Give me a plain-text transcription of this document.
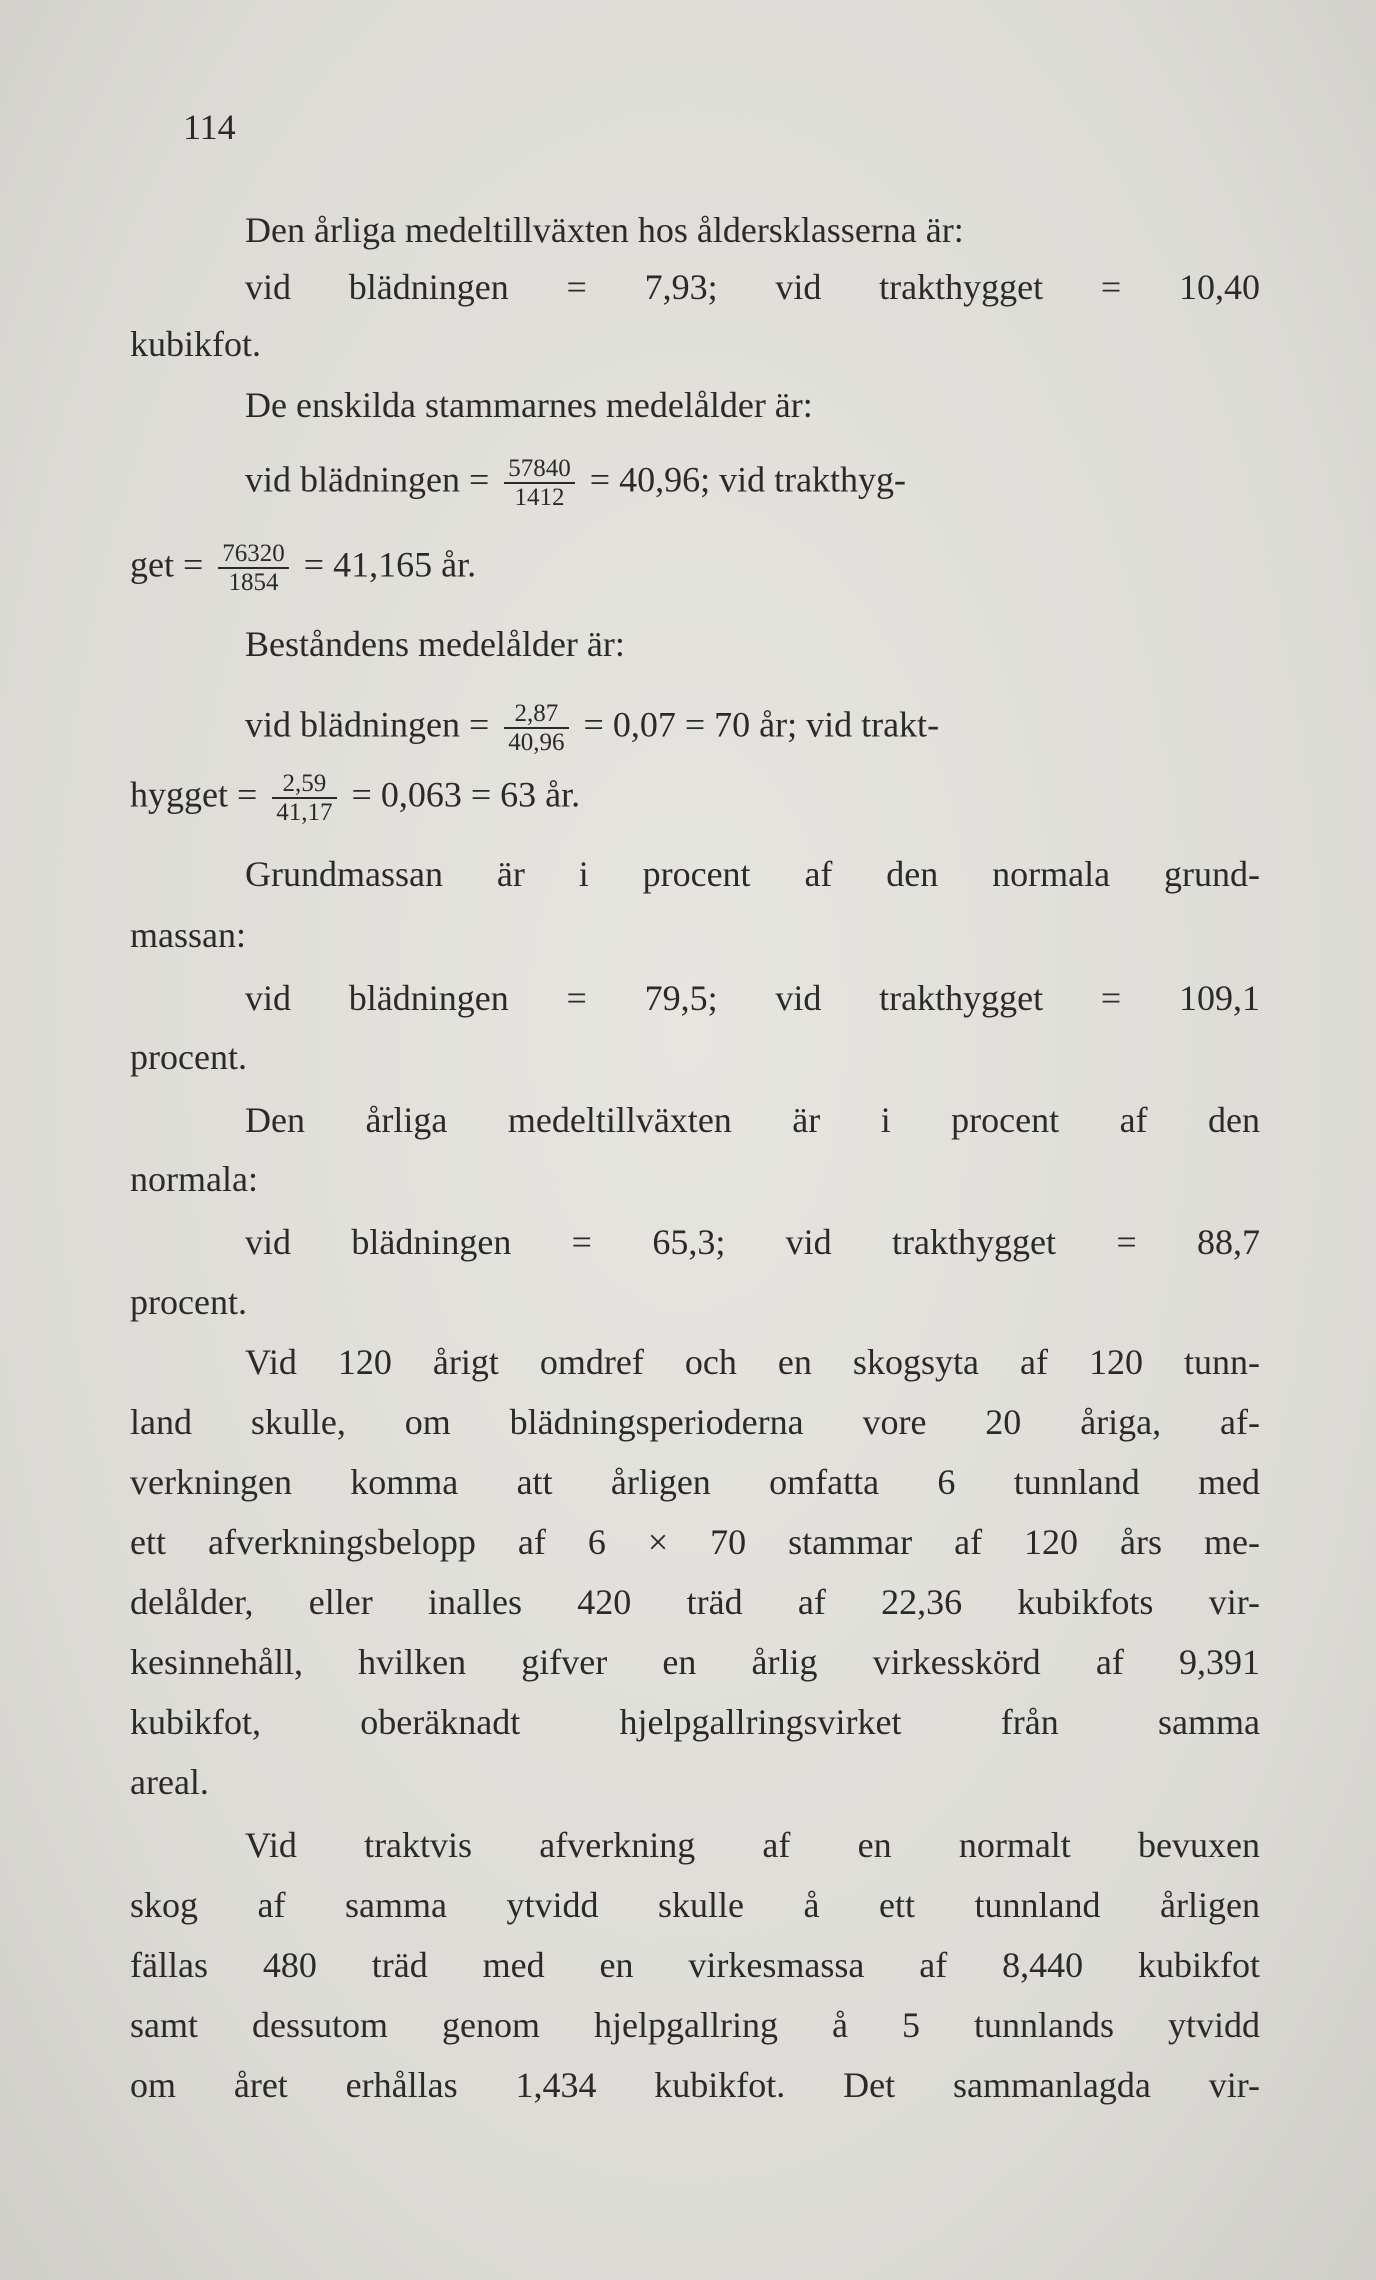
114
Den årliga medeltillväxten hos åldersklasserna är:
vid blädningen = 7,93; vid trakthygget = 10,40
kubikfot.
De enskilda stammarnes medelålder är:
vid blädningen = $\frac{57840}{1412} = 40,96$; vid trakthyg-
get = $\frac{76320}{1854} = 41,165$ år.
Beståndens medelålder är:
vid blädningen = $\frac{2,87}{40,96} = 0,07 = 70$ år; vid trakt-
hygget = $\frac{2,59}{41,17} = 0,063 = 63$ år.
Grundmassan är i procent af den normala grund-
massan:
vid blädningen = 79,5; vid trakthygget = 109,1
procent.
Den årliga medeltillväxten är i procent af den
normala:
vid blädningen = 65,3; vid trakthygget = 88,7
procent.
Vid 120 årigt omdref och en skogsyta af 120 tunn-
land skulle, om blädningsperioderna vore 20 åriga, af-
verkningen komma att årligen omfatta 6 tunnland med
ett afverkningsbelopp af 6 × 70 stammar af 120 års me-
delålder, eller inalles 420 träd af 22,36 kubikfots vir-
kesinnehåll, hvilken gifver en årlig virkesskörd af 9,391
kubikfot, oberäknadt hjelpgallringsvirket från samma
areal.
Vid traktvis afverkning af en normalt bevuxen
skog af samma ytvidd skulle å ett tunnland årligen
fällas 480 träd med en virkesmassa af 8,440 kubikfot
samt dessutom genom hjelpgallring å 5 tunnlands ytvidd
om året erhållas 1,434 kubikfot. Det sammanlagda vir-
